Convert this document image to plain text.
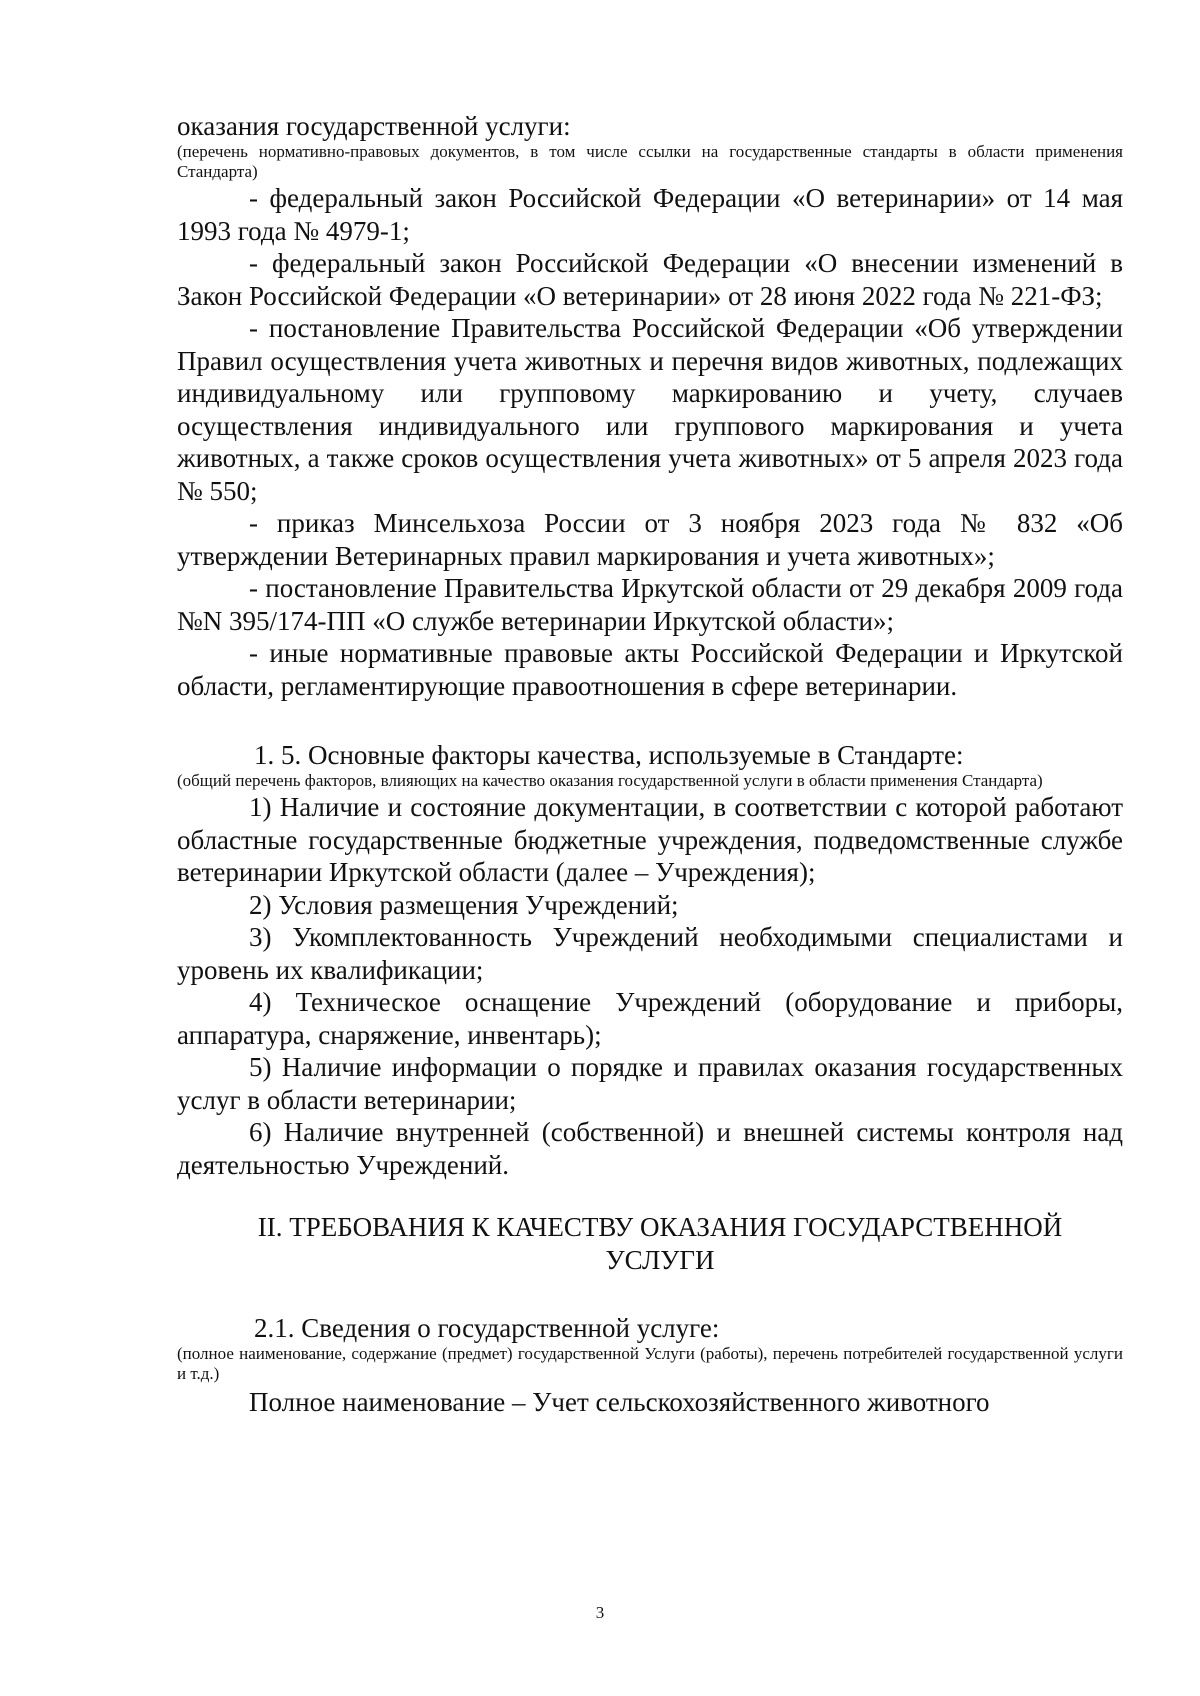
оказания государственной услуги:

(перечень нормативно-правовых документов, в том числе ссылки на государственные стандарты в области применения Стандарта)

- федеральный закон Российской Федерации «О ветеринарии» от 14 мая 1993 года № 4979-1;

- федеральный закон Российской Федерации «О внесении изменений в Закон Российской Федерации «О ветеринарии» от 28 июня 2022 года № 221-ФЗ;

- постановление Правительства Российской Федерации «Об утверждении Правил осуществления учета животных и перечня видов животных, подлежащих индивидуальному или групповому маркированию и учету, случаев осуществления индивидуального или группового маркирования и учета животных, а также сроков осуществления учета животных» от 5 апреля 2023 года № 550;

- приказ Минсельхоза России от 3 ноября 2023 года № 832 «Об утверждении Ветеринарных правил маркирования и учета животных»;

- постановление Правительства Иркутской области от 29 декабря 2009 года №N 395/174-ПП «О службе ветеринарии Иркутской области»;

- иные нормативные правовые акты Российской Федерации и Иркутской области, регламентирующие правоотношения в сфере ветеринарии.

1. 5. Основные факторы качества, используемые в Стандарте:

(общий перечень факторов, влияющих на качество оказания государственной услуги в области применения Стандарта)

1) Наличие и состояние документации, в соответствии с которой работают областные государственные бюджетные учреждения, подведомственные службе ветеринарии Иркутской области (далее – Учреждения);

2) Условия размещения Учреждений;

3) Укомплектованность Учреждений необходимыми специалистами и уровень их квалификации;

4) Техническое оснащение Учреждений (оборудование и приборы, аппаратура, снаряжение, инвентарь);

5) Наличие информации о порядке и правилах оказания государственных услуг в области ветеринарии;

6) Наличие внутренней (собственной) и внешней системы контроля над деятельностью Учреждений.

II. ТРЕБОВАНИЯ К КАЧЕСТВУ ОКАЗАНИЯ ГОСУДАРСТВЕННОЙ
УСЛУГИ

2.1. Сведения о государственной услуге:

(полное наименование, содержание (предмет) государственной Услуги (работы), перечень потребителей государственной услуги и т.д.)

Полное наименование – Учет сельскохозяйственного животного

3
